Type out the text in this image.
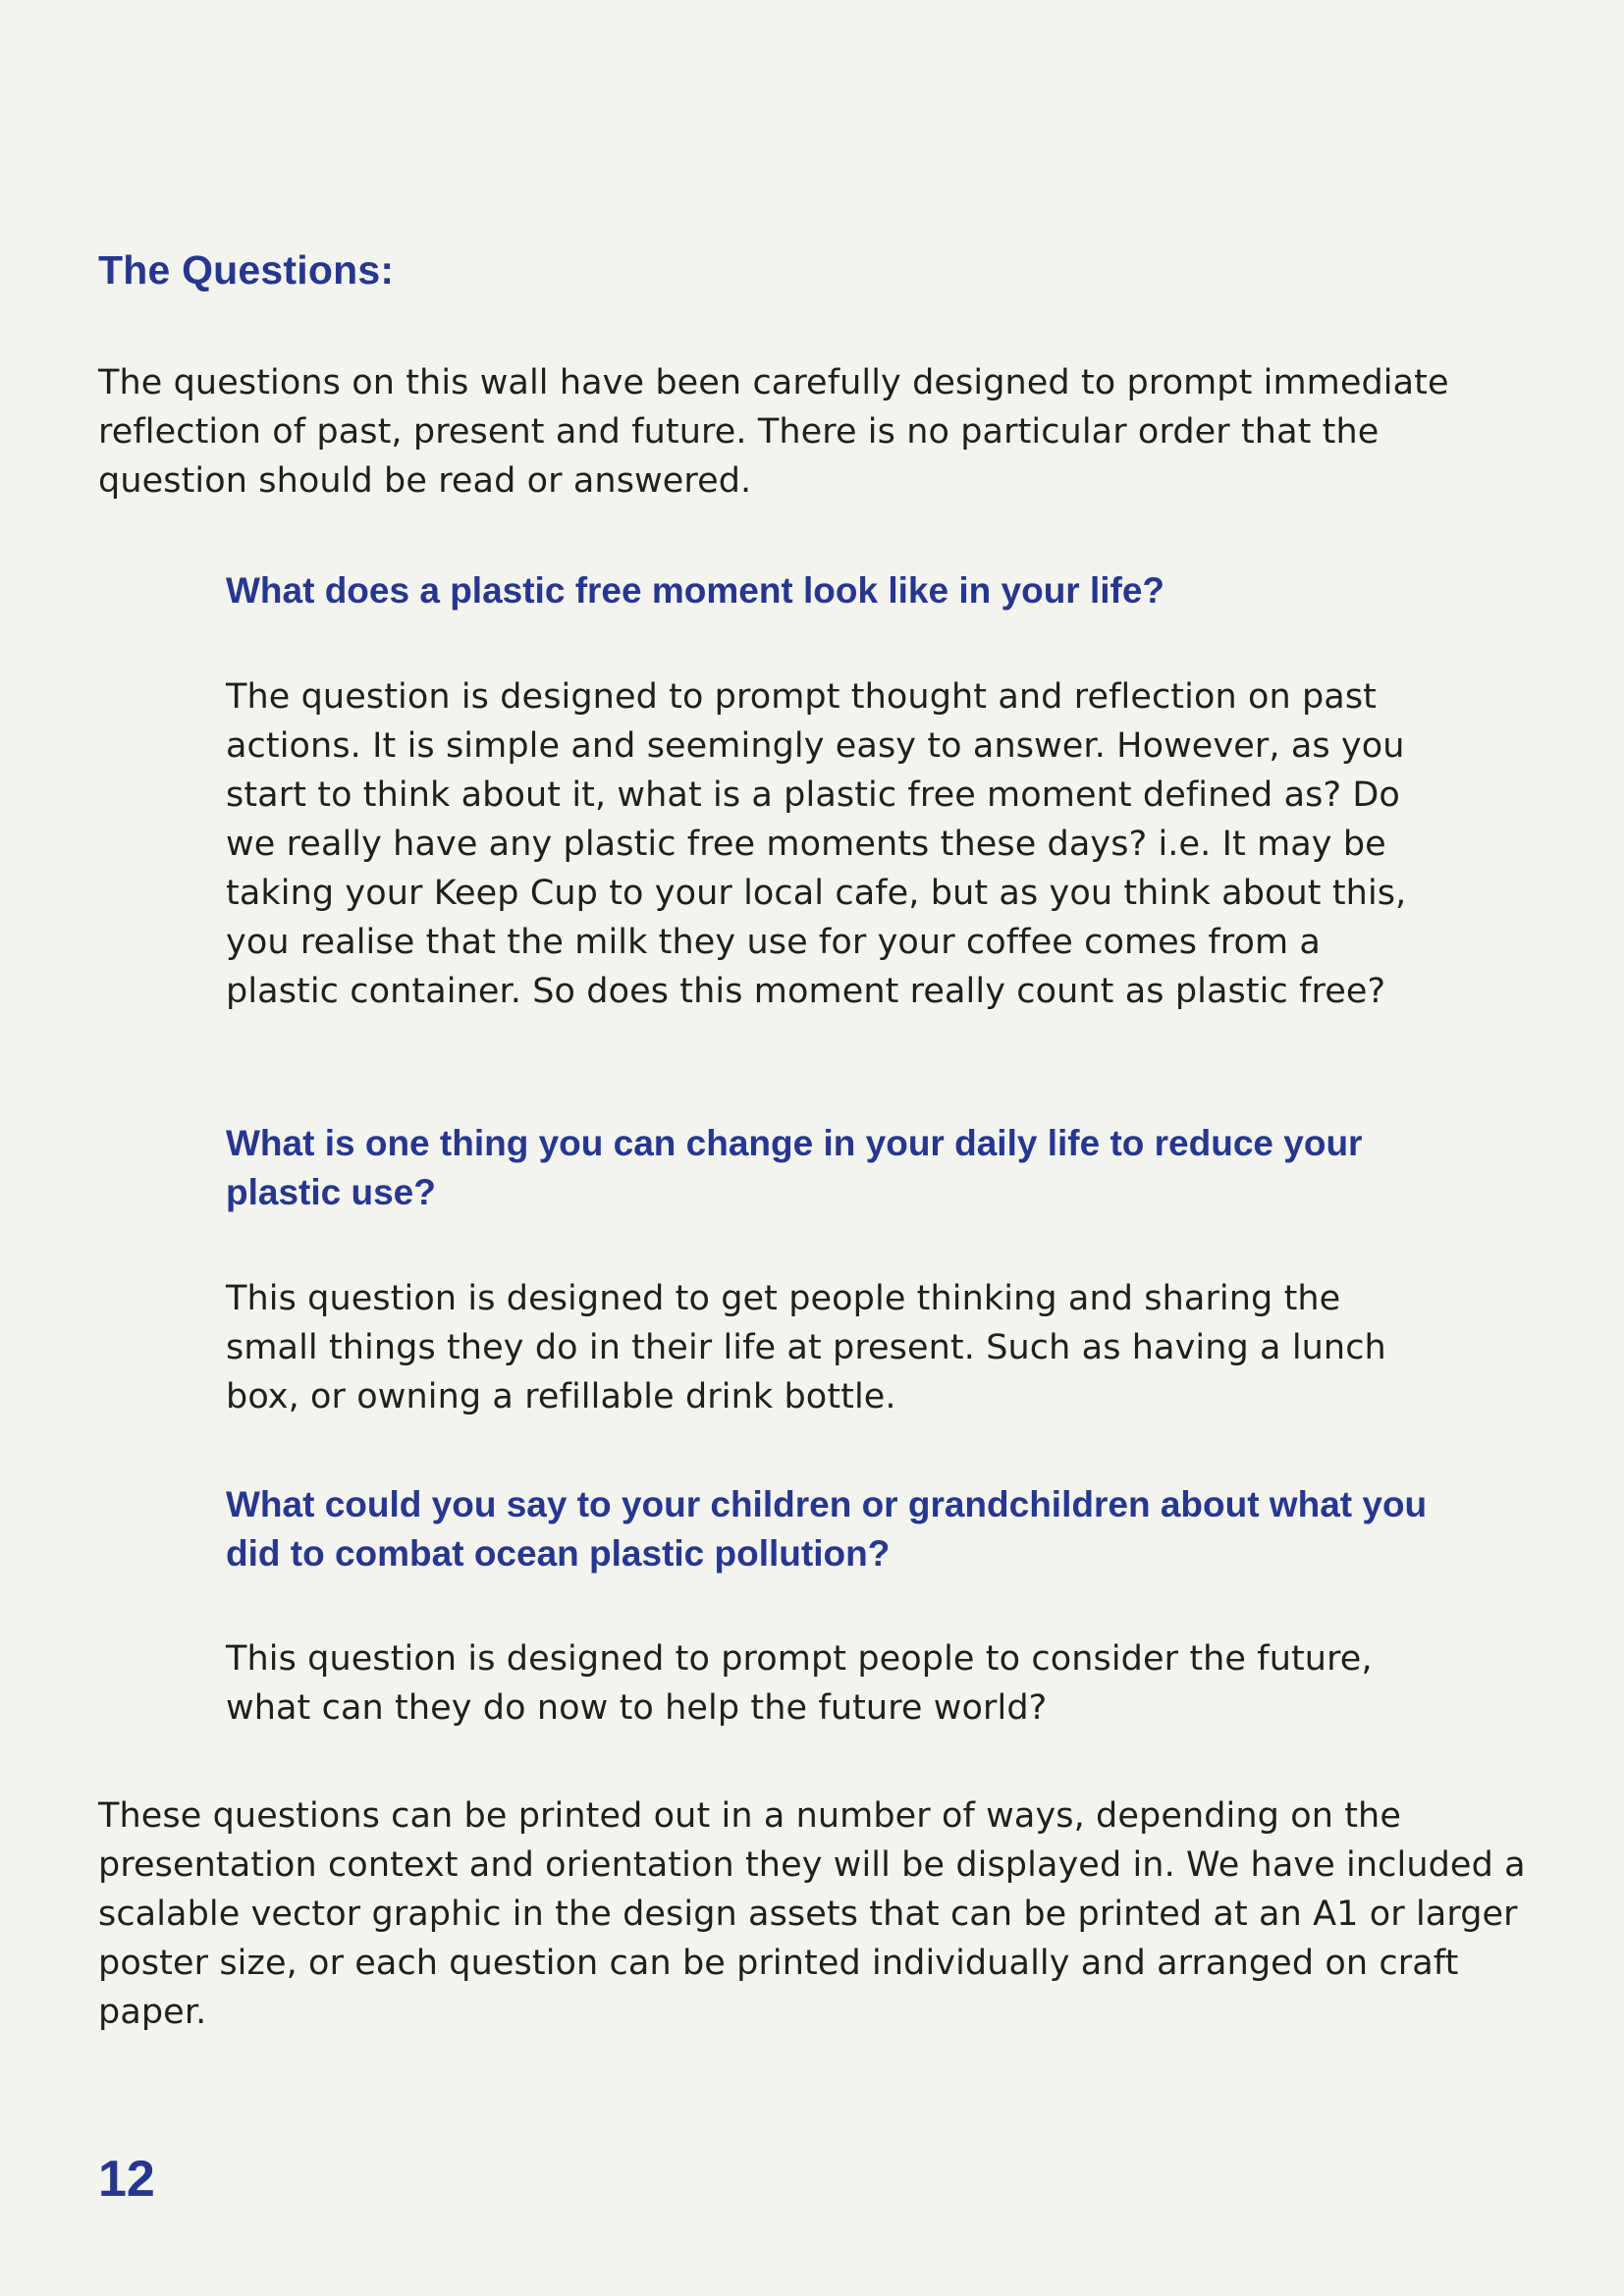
The Questions:

The questions on this wall have been carefully designed to prompt immediate reflection of past, present and future. There is no particular order that the question should be read or answered.

What does a plastic free moment look like in your life?

The question is designed to prompt thought and reflection on past actions. It is simple and seemingly easy to answer. However, as you start to think about it, what is a plastic free moment defined as? Do we really have any plastic free moments these days? i.e. It may be taking your Keep Cup to your local cafe, but as you think about this, you realise that the milk they use for your coffee comes from a plastic container. So does this moment really count as plastic free?

What is one thing you can change in your daily life to reduce your plastic use?

This question is designed to get people thinking and sharing the small things they do in their life at present. Such as having a lunch box, or owning a refillable drink bottle.

What could you say to your children or grandchildren about what you did to combat ocean plastic pollution?

This question is designed to prompt people to consider the future, what can they do now to help the future world?

These questions can be printed out in a number of ways, depending on the presentation context and orientation they will be displayed in. We have included a scalable vector graphic in the design assets that can be printed at an A1 or larger poster size, or each question can be printed individually and arranged on craft paper.

12
